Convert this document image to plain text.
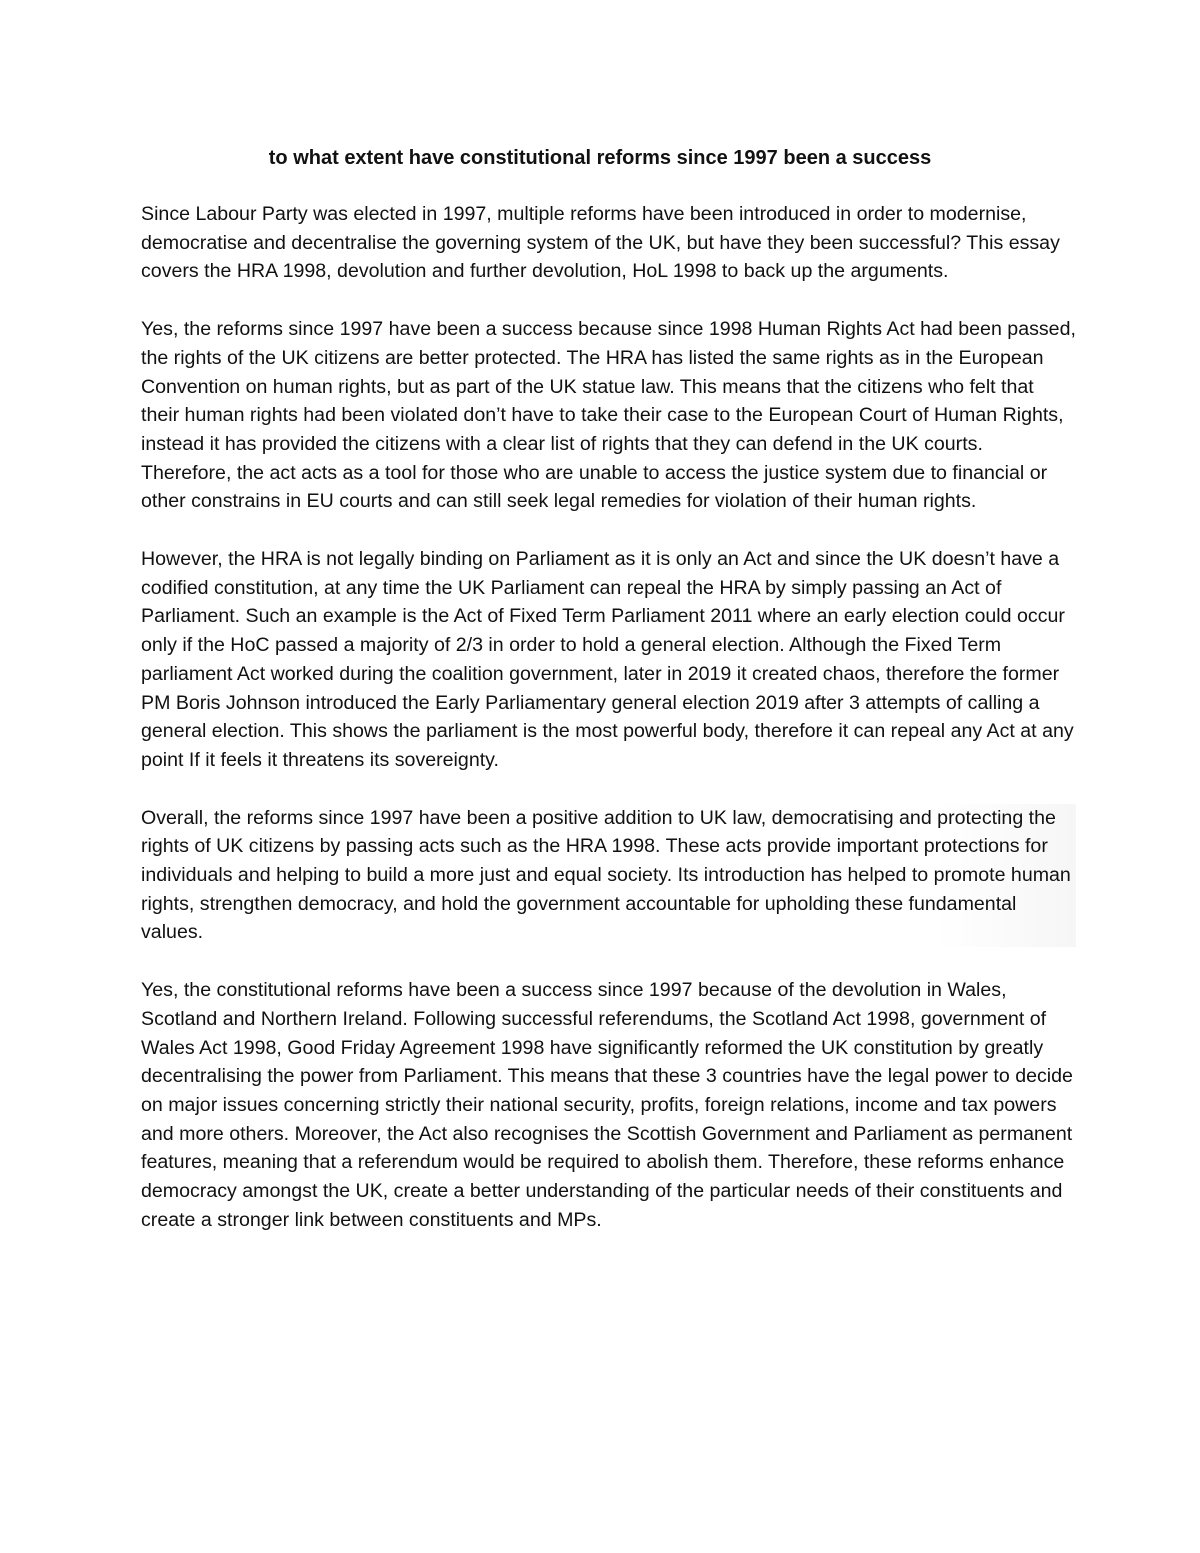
to what extent have constitutional reforms since 1997 been a success

Since Labour Party was elected in 1997, multiple reforms have been introduced in order to modernise, democratise and decentralise the governing system of the UK, but have they been successful? This essay covers the HRA 1998, devolution and further devolution, HoL 1998 to back up the arguments.

Yes, the reforms since 1997 have been a success because since 1998 Human Rights Act had been passed, the rights of the UK citizens are better protected. The HRA has listed the same rights as in the European Convention on human rights, but as part of the UK statue law. This means that the citizens who felt that their human rights had been violated don’t have to take their case to the European Court of Human Rights, instead it has provided the citizens with a clear list of rights that they can defend in the UK courts. Therefore, the act acts as a tool for those who are unable to access the justice system due to financial or other constrains in EU courts and can still seek legal remedies for violation of their human rights.

However, the HRA is not legally binding on Parliament as it is only an Act and since the UK doesn’t have a codified constitution, at any time the UK Parliament can repeal the HRA by simply passing an Act of Parliament. Such an example is the Act of Fixed Term Parliament 2011 where an early election could occur only if the HoC passed a majority of 2/3 in order to hold a general election. Although the Fixed Term parliament Act worked during the coalition government, later in 2019 it created chaos, therefore the former PM Boris Johnson introduced the Early Parliamentary general election 2019 after 3 attempts of calling a general election. This shows the parliament is the most powerful body, therefore it can repeal any Act at any point If it feels it threatens its sovereignty.

Overall, the reforms since 1997 have been a positive addition to UK law, democratising and protecting the rights of UK citizens by passing acts such as the HRA 1998. These acts provide important protections for individuals and helping to build a more just and equal society. Its introduction has helped to promote human rights, strengthen democracy, and hold the government accountable for upholding these fundamental values.

Yes, the constitutional reforms have been a success since 1997 because of the devolution in Wales, Scotland and Northern Ireland. Following successful referendums, the Scotland Act 1998, government of Wales Act 1998, Good Friday Agreement 1998 have significantly reformed the UK constitution by greatly decentralising the power from Parliament. This means that these 3 countries have the legal power to decide on major issues concerning strictly their national security, profits, foreign relations, income and tax powers and more others. Moreover, the Act also recognises the Scottish Government and Parliament as permanent features, meaning that a referendum would be required to abolish them. Therefore, these reforms enhance democracy amongst the UK, create a better understanding of the particular needs of their constituents and create a stronger link between constituents and MPs.
